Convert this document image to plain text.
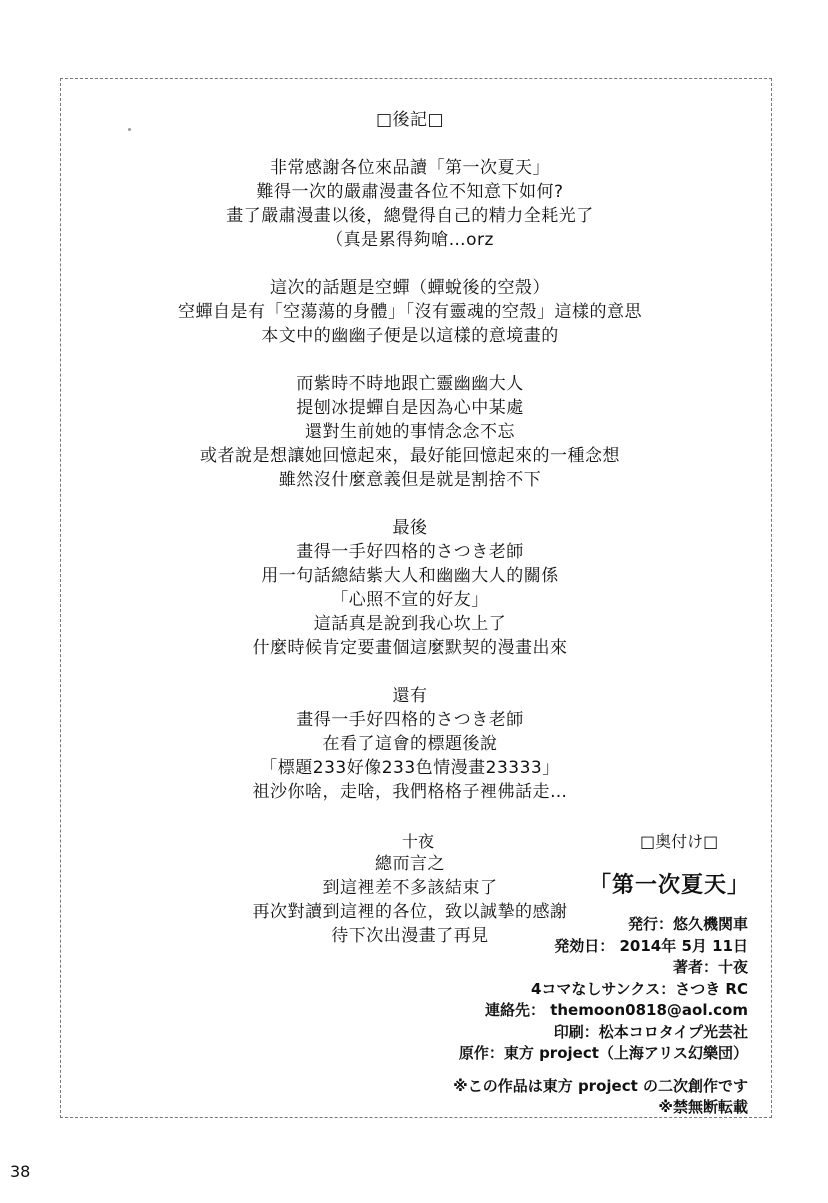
□後記□
非常感謝各位來品讀「第一次夏天」
難得一次的嚴肅漫畫各位不知意下如何?
畫了嚴肅漫畫以後，總覺得自己的精力全耗光了
（真是累得夠嗆…orz
這次的話題是空蟬（蟬蛻後的空殼）
空蟬自是有「空蕩蕩的身體」「沒有靈魂的空殼」這樣的意思
本文中的幽幽子便是以這樣的意境畫的
而紫時不時地跟亡靈幽幽大人
提刨冰提蟬自是因為心中某處
還對生前她的事情念念不忘
或者說是想讓她回憶起來，最好能回憶起來的一種念想
雖然沒什麼意義但是就是割捨不下
最後
畫得一手好四格的さつき老師
用一句話總結紫大人和幽幽大人的關係
「心照不宣的好友」
這話真是說到我心坎上了
什麼時候肯定要畫個這麼默契的漫畫出來
還有
畫得一手好四格的さつき老師
在看了這會的標題後說
「標題233好像233色情漫畫23333」
祖沙你啥，走啥，我們格格子裡佛話走…
總而言之
到這裡差不多該結束了
再次對讀到這裡的各位，致以誠摯的感謝
待下次出漫畫了再見
十夜	□奥付け□
「第一次夏天」
発行：悠久機関車
発効日： 2014年 5月 11日
著者：十夜
4コマなしサンクス：さつき RC
連絡先： themoon0818@aol.com
印刷：松本コロタイプ光芸社
原作：東方 project（上海アリス幻樂団）
※この作品は東方 project の二次創作です
※禁無断転載
38
